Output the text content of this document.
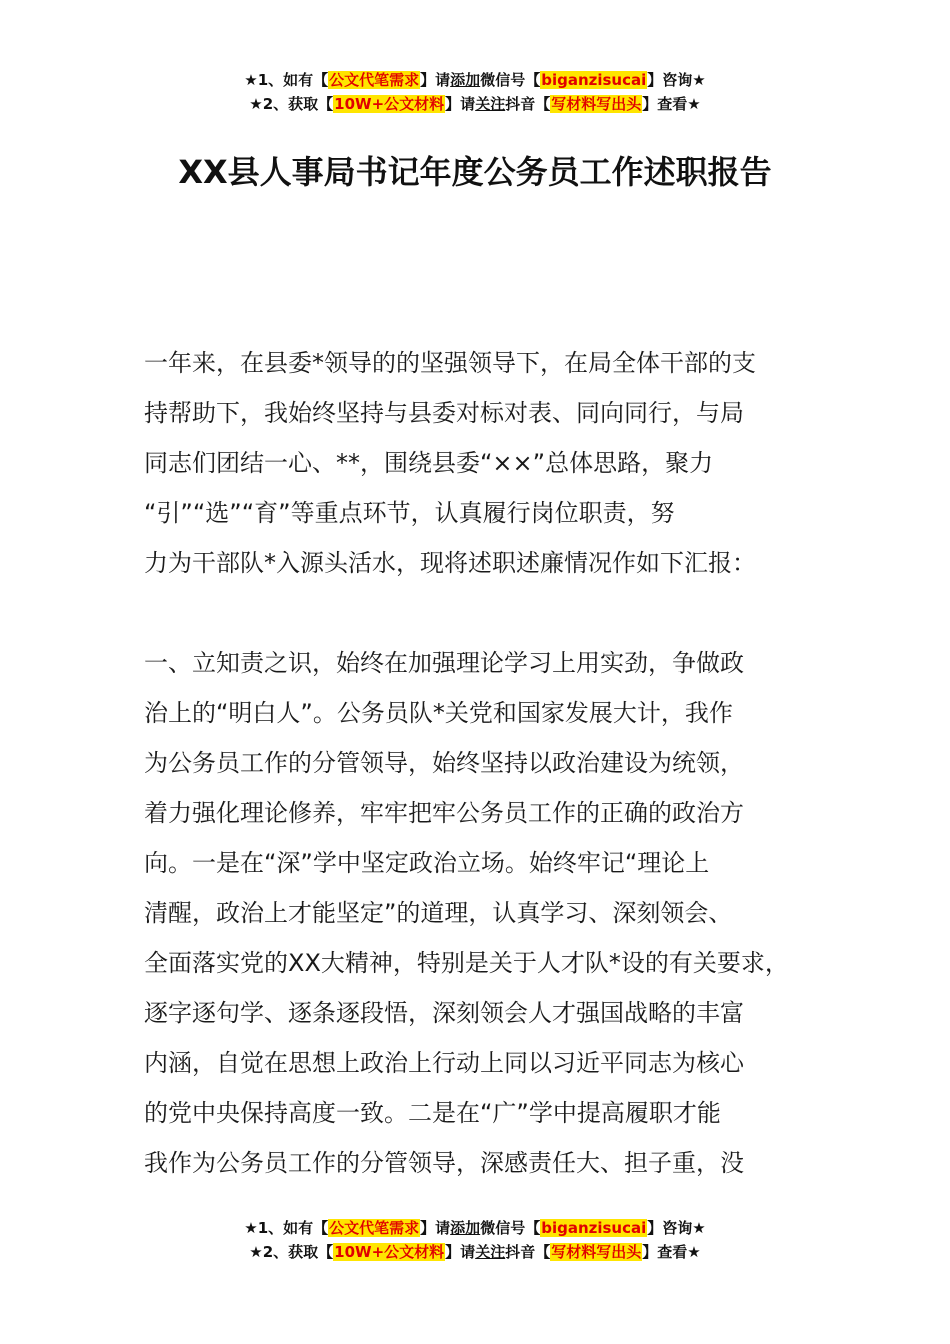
★1、如有【公文代笔需求】请添加微信号【biganzisucai】咨询★
★2、获取【10W+公文材料】请关注抖音【写材料写出头】查看★
XX县人事局书记年度公务员工作述职报告
一年来，在县委*领导的的坚强领导下，在局全体干部的支
持帮助下，我始终坚持与县委对标对表、同向同行，与局
同志们团结一心、**，围绕县委“××”总体思路，聚力
“引”“选”“育”等重点环节，认真履行岗位职责，努
力为干部队*入源头活水，现将述职述廉情况作如下汇报：
一、立知责之识，始终在加强理论学习上用实劲，争做政
治上的“明白人”。公务员队*关党和国家发展大计，我作
为公务员工作的分管领导，始终坚持以政治建设为统领，
着力强化理论修养，牢牢把牢公务员工作的正确的政治方
向。一是在“深”学中坚定政治立场。始终牢记“理论上
清醒，政治上才能坚定”的道理，认真学习、深刻领会、
全面落实党的XX大精神，特别是关于人才队*设的有关要求，
逐字逐句学、逐条逐段悟，深刻领会人才强国战略的丰富
内涵，自觉在思想上政治上行动上同以习近平同志为核心
的党中央保持高度一致。二是在“广”学中提高履职才能
我作为公务员工作的分管领导，深感责任大、担子重，没
★1、如有【公文代笔需求】请添加微信号【biganzisucai】咨询★
★2、获取【10W+公文材料】请关注抖音【写材料写出头】查看★
